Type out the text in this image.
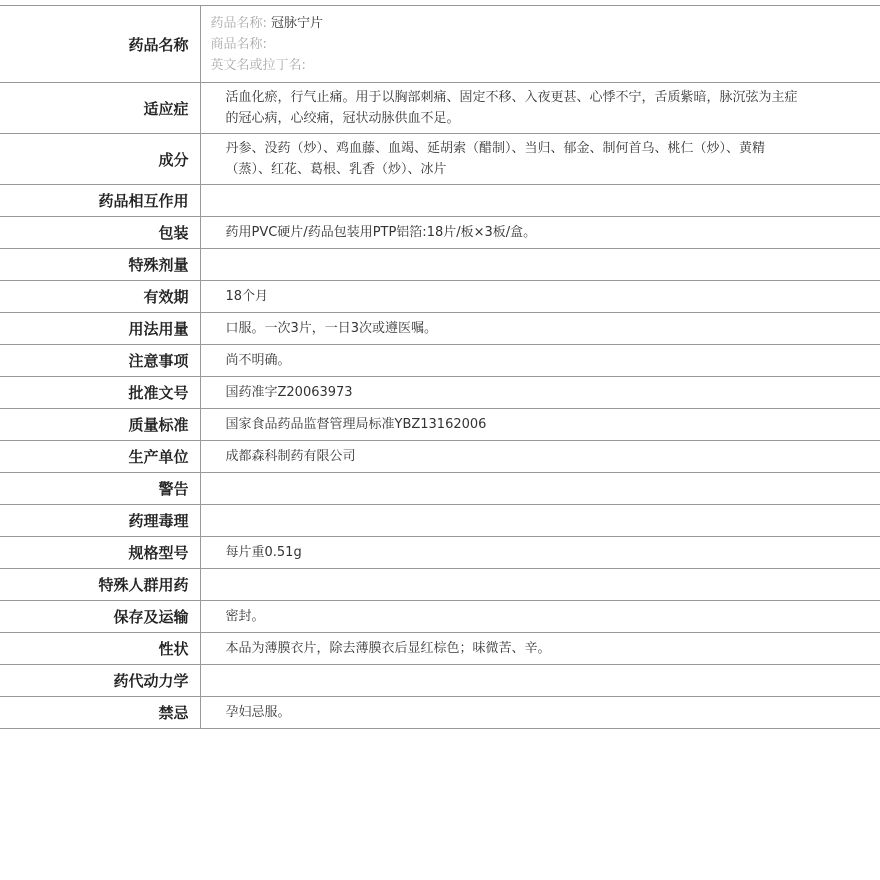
药品名称	药品名称: 冠脉宁片
商品名称:
英文名或拉丁名:

适应症	活血化瘀，行气止痛。用于以胸部刺痛、固定不移、入夜更甚、心悸不宁，舌质紫暗，脉沉弦为主症的冠心病，心绞痛，冠状动脉供血不足。
成分	丹参、没药（炒）、鸡血藤、血竭、延胡索（醋制）、当归、郁金、制何首乌、桃仁（炒）、黄精（蒸）、红花、葛根、乳香（炒）、冰片
药品相互作用	
包装	药用PVC硬片/药品包装用PTP铝箔:18片/板×3板/盒。
特殊剂量	
有效期	18个月
用法用量	口服。一次3片，一日3次或遵医嘱。
注意事项	尚不明确。
批准文号	国药准字Z20063973
质量标准	国家食品药品监督管理局标准YBZ13162006
生产单位	成都森科制药有限公司
警告	
药理毒理	
规格型号	每片重0.51g
特殊人群用药	
保存及运输	密封。
性状	本品为薄膜衣片，除去薄膜衣后显红棕色；味微苦、辛。
药代动力学	
禁忌	孕妇忌服。
